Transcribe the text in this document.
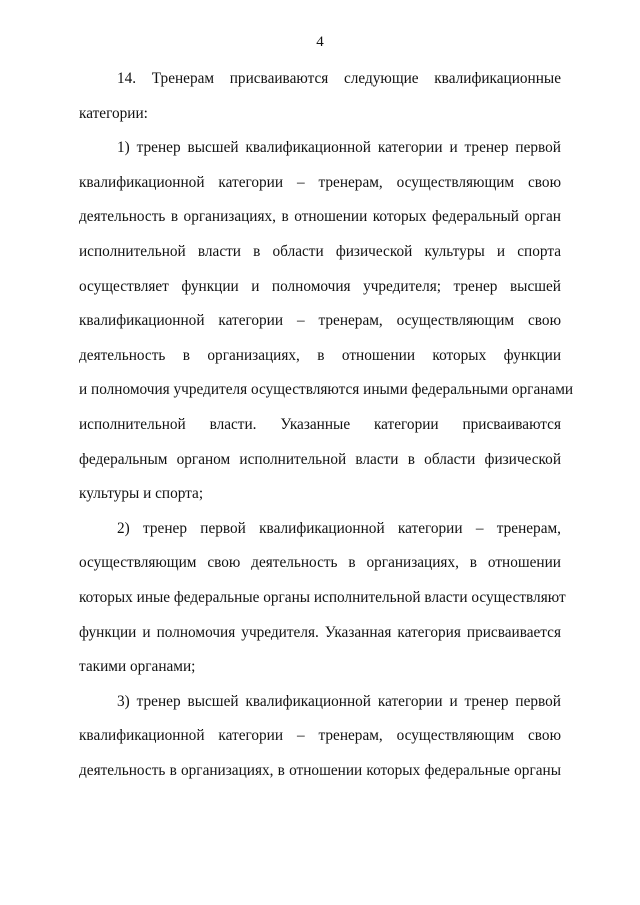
4

14. Тренерам присваиваются следующие квалификационные
категории:

1) тренер высшей квалификационной категории и тренер первой
квалификационной категории – тренерам, осуществляющим свою
деятельность в организациях, в отношении которых федеральный орган
исполнительной власти в области физической культуры и спорта
осуществляет функции и полномочия учредителя; тренер высшей
квалификационной категории – тренерам, осуществляющим свою
деятельность в организациях, в отношении которых функции
и полномочия учредителя осуществляются иными федеральными органами
исполнительной власти. Указанные категории присваиваются
федеральным органом исполнительной власти в области физической
культуры и спорта;

2) тренер первой квалификационной категории – тренерам,
осуществляющим свою деятельность в организациях, в отношении
которых иные федеральные органы исполнительной власти осуществляют
функции и полномочия учредителя. Указанная категория присваивается
такими органами;

3) тренер высшей квалификационной категории и тренер первой
квалификационной категории – тренерам, осуществляющим свою
деятельность в организациях, в отношении которых федеральные органы
